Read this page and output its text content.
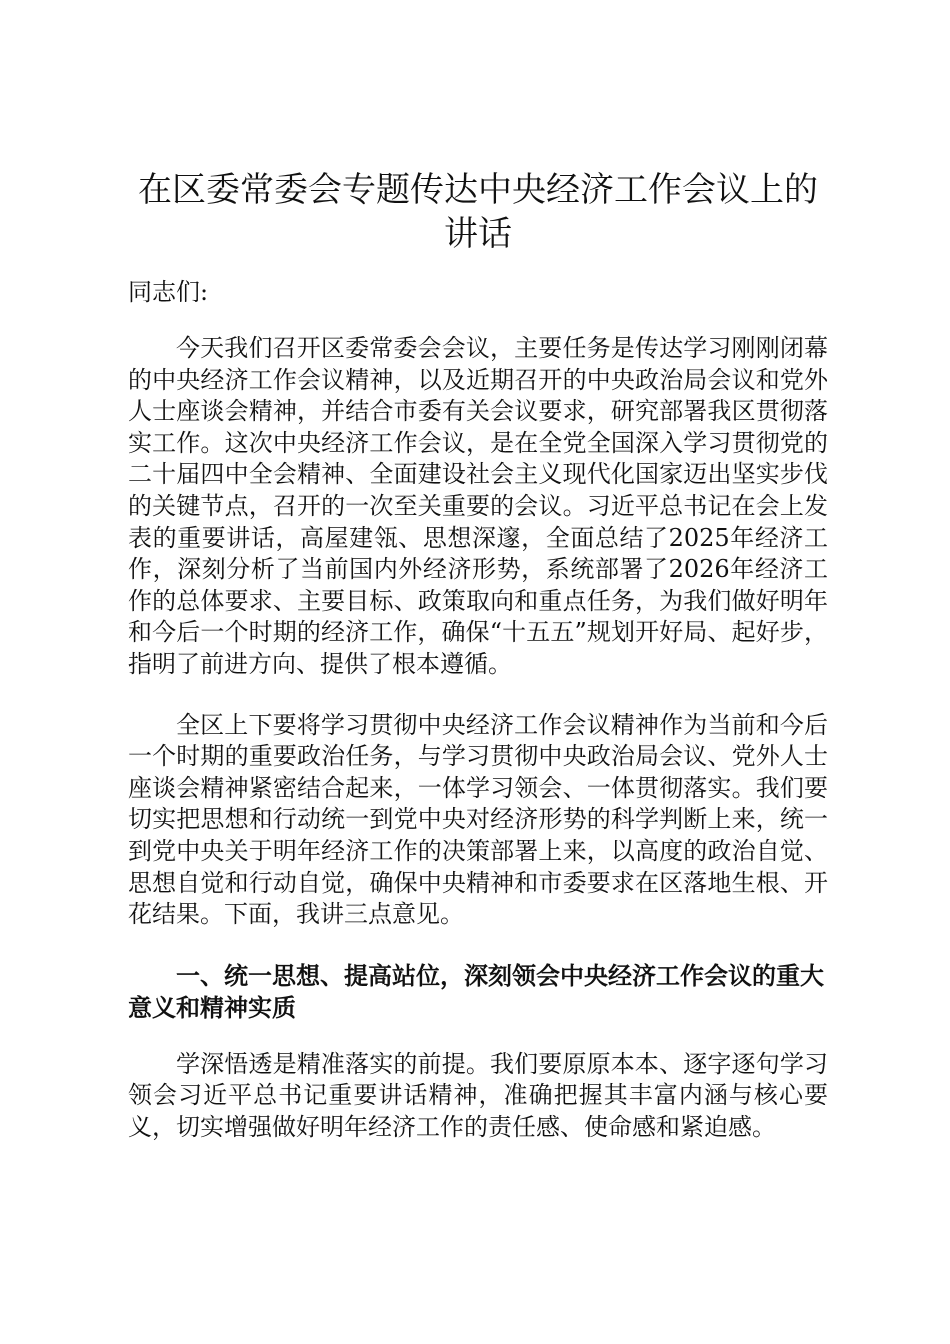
在区委常委会专题传达中央经济工作会议上的讲话

同志们:

今天我们召开区委常委会会议，主要任务是传达学习刚刚闭幕的中央经济工作会议精神，以及近期召开的中央政治局会议和党外人士座谈会精神，并结合市委有关会议要求，研究部署我区贯彻落实工作。这次中央经济工作会议，是在全党全国深入学习贯彻党的二十届四中全会精神、全面建设社会主义现代化国家迈出坚实步伐的关键节点，召开的一次至关重要的会议。习近平总书记在会上发表的重要讲话，高屋建瓴、思想深邃，全面总结了2025年经济工作，深刻分析了当前国内外经济形势，系统部署了2026年经济工作的总体要求、主要目标、政策取向和重点任务，为我们做好明年和今后一个时期的经济工作，确保“十五五”规划开好局、起好步，指明了前进方向、提供了根本遵循。

全区上下要将学习贯彻中央经济工作会议精神作为当前和今后一个时期的重要政治任务，与学习贯彻中央政治局会议、党外人士座谈会精神紧密结合起来，一体学习领会、一体贯彻落实。我们要切实把思想和行动统一到党中央对经济形势的科学判断上来，统一到党中央关于明年经济工作的决策部署上来，以高度的政治自觉、思想自觉和行动自觉，确保中央精神和市委要求在区落地生根、开花结果。下面，我讲三点意见。

一、统一思想、提高站位，深刻领会中央经济工作会议的重大意义和精神实质

学深悟透是精准落实的前提。我们要原原本本、逐字逐句学习领会习近平总书记重要讲话精神，准确把握其丰富内涵与核心要义，切实增强做好明年经济工作的责任感、使命感和紧迫感。
